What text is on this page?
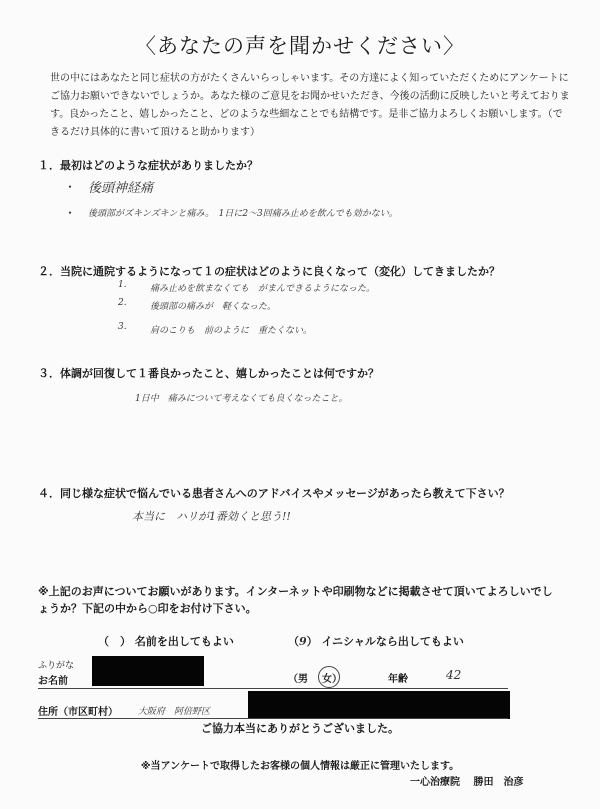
〈あなたの声を聞かせください〉
世の中にはあなたと同じ症状の方がたくさんいらっしゃいます。その方達によく知っていただくためにアンケートにご協力お願いできないでしょうか。あなた様のご意見をお聞かせいただき、今後の活動に反映したいと考えております。良かったこと、嬉しかったこと、どのような些細なことでも結構です。是非ご協力よろしくお願いします。（できるだけ具体的に書いて頂けると助かります）
１．最初はどのような症状がありましたか？
・ 後頭神経痛
・ 後頭部がズキンズキンと痛み。　1日に2〜3回痛み止めを飲んでも効かない。
２．当院に通院するようになって１の症状はどのように良くなって（変化）してきましたか？
1.	痛み止めを飲まなくても　がまんできるようになった。
2.	後頭部の痛みが　軽くなった。
3.	肩のこりも　前のように　重たくない。
３．体調が回復して１番良かったこと、嬉しかったことは何ですか？
1日中　痛みについて考えなくても良くなったこと。
４．同じ様な症状で悩んでいる患者さんへのアドバイスやメッセージがあったら教えて下さい？
本当に　ハリが1番効くと思う!!
※上記のお声についてお願いがあります。インターネットや印刷物などに掲載させて頂いてよろしいでしょうか？下記の中から○印をお付け下さい。
（　） 名前を出してもよい	（9） イニシャルなら出してもよい
ふりがな
お名前	（男 女）	年齢	42
住所（市区町村） 大阪府　阿倍野区
ご協力本当にありがとうございました。
※当アンケートで取得したお客様の個人情報は厳正に管理いたします。
一心治療院　 勝田　治彦
